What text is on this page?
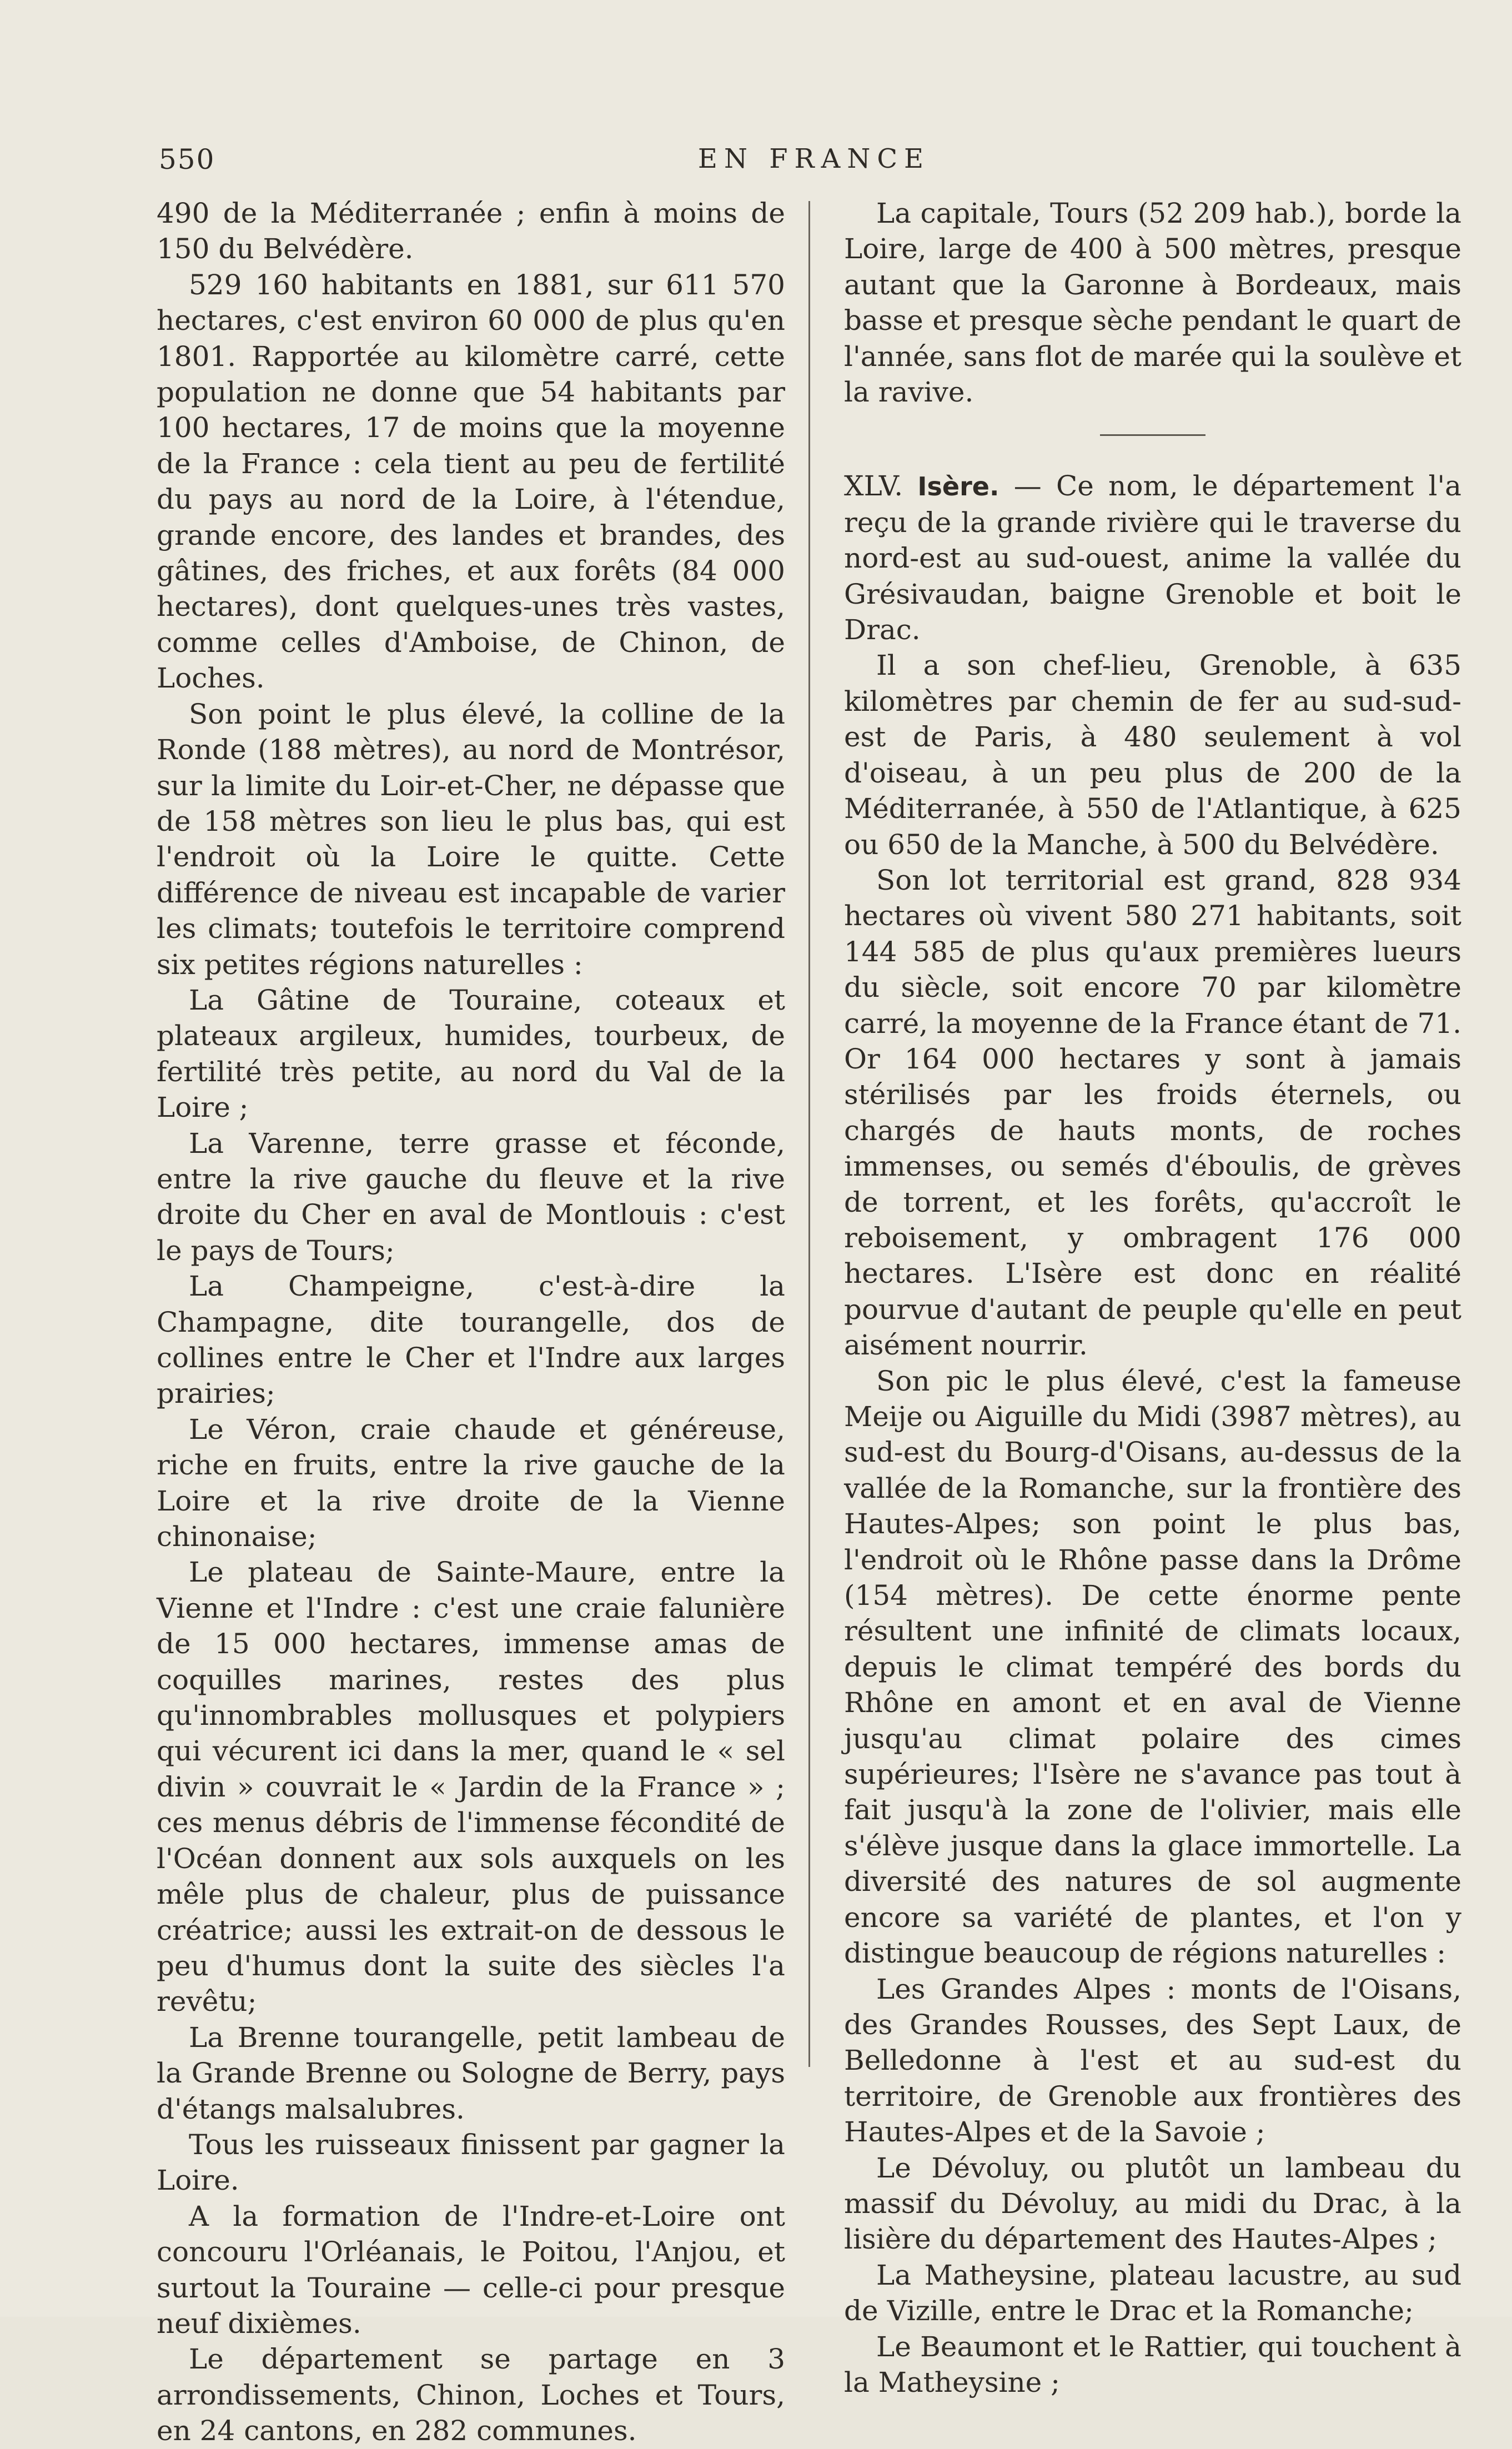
550	EN FRANCE

490 de la Méditerranée ; enfin à moins de 150 du Belvédère.

529 160 habitants en 1881, sur 611 570 hectares, c'est environ 60 000 de plus qu'en 1801. Rapportée au kilomètre carré, cette population ne donne que 54 habitants par 100 hectares, 17 de moins que la moyenne de la France : cela tient au peu de fertilité du pays au nord de la Loire, à l'étendue, grande encore, des landes et brandes, des gâtines, des friches, et aux forêts (84 000 hectares), dont quelques-unes très vastes, comme celles d'Amboise, de Chinon, de Loches.

Son point le plus élevé, la colline de la Ronde (188 mètres), au nord de Montrésor, sur la limite du Loir-et-Cher, ne dépasse que de 158 mètres son lieu le plus bas, qui est l'endroit où la Loire le quitte. Cette différence de niveau est incapable de varier les climats; toutefois le territoire comprend six petites régions naturelles :

La Gâtine de Touraine, coteaux et plateaux argileux, humides, tourbeux, de fertilité très petite, au nord du Val de la Loire ;

La Varenne, terre grasse et féconde, entre la rive gauche du fleuve et la rive droite du Cher en aval de Montlouis : c'est le pays de Tours;

La Champeigne, c'est-à-dire la Champagne, dite tourangelle, dos de collines entre le Cher et l'Indre aux larges prairies;

Le Véron, craie chaude et généreuse, riche en fruits, entre la rive gauche de la Loire et la rive droite de la Vienne chinonaise;

Le plateau de Sainte-Maure, entre la Vienne et l'Indre : c'est une craie falunière de 15 000 hectares, immense amas de coquilles marines, restes des plus qu'innombrables mollusques et polypiers qui vécurent ici dans la mer, quand le « sel divin » couvrait le « Jardin de la France » ; ces menus débris de l'immense fécondité de l'Océan donnent aux sols auxquels on les mêle plus de chaleur, plus de puissance créatrice; aussi les extrait-on de dessous le peu d'humus dont la suite des siècles l'a revêtu;

La Brenne tourangelle, petit lambeau de la Grande Brenne ou Sologne de Berry, pays d'étangs malsalubres.

Tous les ruisseaux finissent par gagner la Loire.

A la formation de l'Indre-et-Loire ont concouru l'Orléanais, le Poitou, l'Anjou, et surtout la Touraine — celle-ci pour presque neuf dixièmes.

Le département se partage en 3 arrondissements, Chinon, Loches et Tours, en 24 cantons, en 282 communes.

La capitale, Tours (52 209 hab.), borde la Loire, large de 400 à 500 mètres, presque autant que la Garonne à Bordeaux, mais basse et presque sèche pendant le quart de l'année, sans flot de marée qui la soulève et la ravive.

XLV. Isère. — Ce nom, le département l'a reçu de la grande rivière qui le traverse du nord-est au sud-ouest, anime la vallée du Grésivaudan, baigne Grenoble et boit le Drac.

Il a son chef-lieu, Grenoble, à 635 kilomètres par chemin de fer au sud-sud-est de Paris, à 480 seulement à vol d'oiseau, à un peu plus de 200 de la Méditerranée, à 550 de l'Atlantique, à 625 ou 650 de la Manche, à 500 du Belvédère.

Son lot territorial est grand, 828 934 hectares où vivent 580 271 habitants, soit 144 585 de plus qu'aux premières lueurs du siècle, soit encore 70 par kilomètre carré, la moyenne de la France étant de 71. Or 164 000 hectares y sont à jamais stérilisés par les froids éternels, ou chargés de hauts monts, de roches immenses, ou semés d'éboulis, de grèves de torrent, et les forêts, qu'accroît le reboisement, y ombragent 176 000 hectares. L'Isère est donc en réalité pourvue d'autant de peuple qu'elle en peut aisément nourrir.

Son pic le plus élevé, c'est la fameuse Meije ou Aiguille du Midi (3987 mètres), au sud-est du Bourg-d'Oisans, au-dessus de la vallée de la Romanche, sur la frontière des Hautes-Alpes; son point le plus bas, l'endroit où le Rhône passe dans la Drôme (154 mètres). De cette énorme pente résultent une infinité de climats locaux, depuis le climat tempéré des bords du Rhône en amont et en aval de Vienne jusqu'au climat polaire des cimes supérieures; l'Isère ne s'avance pas tout à fait jusqu'à la zone de l'olivier, mais elle s'élève jusque dans la glace immortelle. La diversité des natures de sol augmente encore sa variété de plantes, et l'on y distingue beaucoup de régions naturelles :

Les Grandes Alpes : monts de l'Oisans, des Grandes Rousses, des Sept Laux, de Belledonne à l'est et au sud-est du territoire, de Grenoble aux frontières des Hautes-Alpes et de la Savoie ;

Le Dévoluy, ou plutôt un lambeau du massif du Dévoluy, au midi du Drac, à la lisière du département des Hautes-Alpes ;

La Matheysine, plateau lacustre, au sud de Vizille, entre le Drac et la Romanche;

Le Beaumont et le Rattier, qui touchent à la Matheysine ;
